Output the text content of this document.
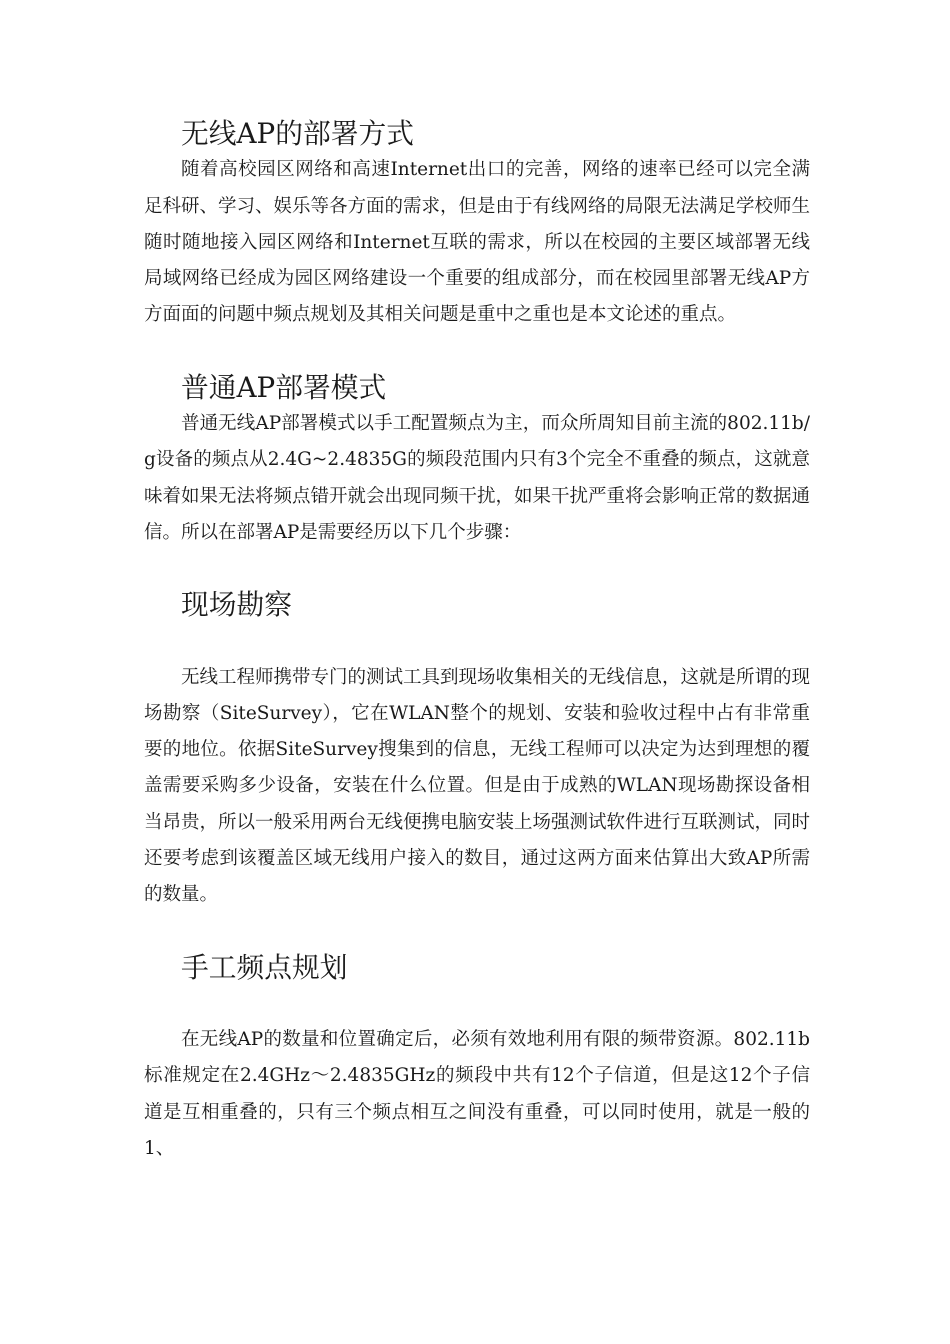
无线AP的部署方式

随着高校园区网络和高速Internet出口的完善，网络的速率已经可以完全满足科研、学习、娱乐等各方面的需求，但是由于有线网络的局限无法满足学校师生随时随地接入园区网络和Internet互联的需求，所以在校园的主要区域部署无线局域网络已经成为园区网络建设一个重要的组成部分，而在校园里部署无线AP方方面面的问题中频点规划及其相关问题是重中之重也是本文论述的重点。

普通AP部署模式

普通无线AP部署模式以手工配置频点为主，而众所周知目前主流的802.11b/g设备的频点从2.4G~2.4835G的频段范围内只有3个完全不重叠的频点，这就意味着如果无法将频点错开就会出现同频干扰，如果干扰严重将会影响正常的数据通信。所以在部署AP是需要经历以下几个步骤：

现场勘察

无线工程师携带专门的测试工具到现场收集相关的无线信息，这就是所谓的现场勘察（SiteSurvey），它在WLAN整个的规划、安装和验收过程中占有非常重要的地位。依据SiteSurvey搜集到的信息，无线工程师可以决定为达到理想的覆盖需要采购多少设备，安装在什么位置。但是由于成熟的WLAN现场勘探设备相当昂贵，所以一般采用两台无线便携电脑安装上场强测试软件进行互联测试，同时还要考虑到该覆盖区域无线用户接入的数目，通过这两方面来估算出大致AP所需的数量。

手工频点规划

在无线AP的数量和位置确定后，必须有效地利用有限的频带资源。802.11b标准规定在2.4GHz～2.4835GHz的频段中共有12个子信道，但是这12个子信道是互相重叠的，只有三个频点相互之间没有重叠，可以同时使用，就是一般的1、
